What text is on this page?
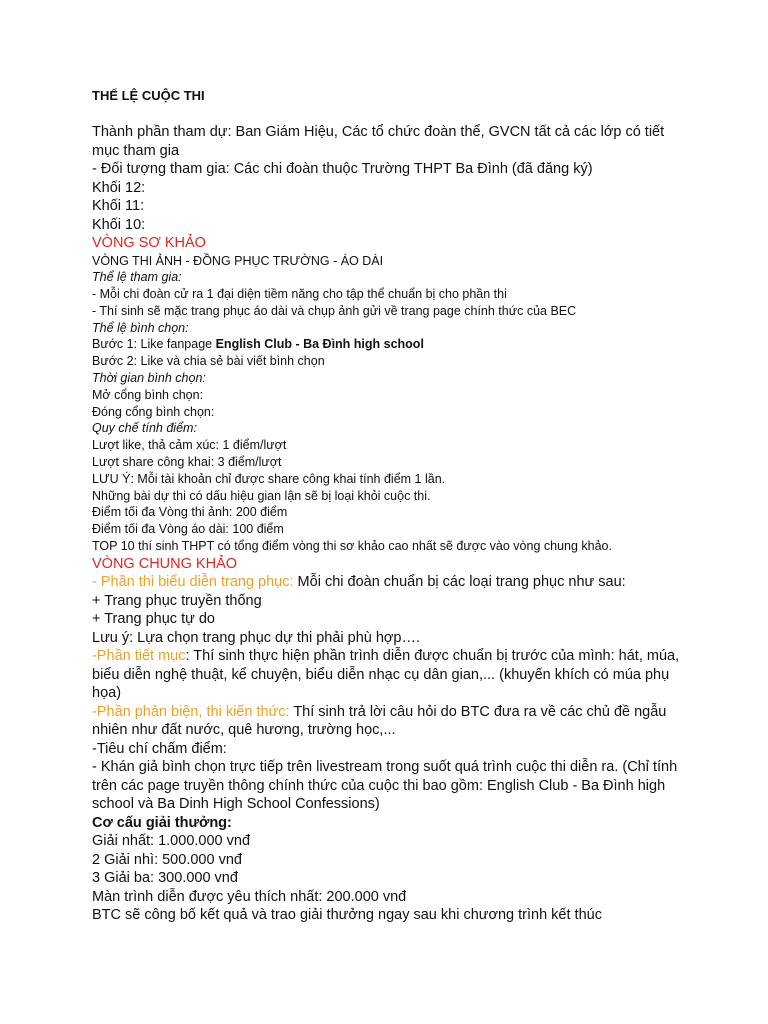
THỂ LỆ CUỘC THI
Thành phần tham dự: Ban Giám Hiệu, Các tổ chức đoàn thể, GVCN tất cả các lớp có tiết mục tham gia
- Đối tượng tham gia: Các chi đoàn thuộc Trường THPT Ba Đình (đã đăng ký)
Khối 12:
Khối 11:
Khối 10:
VÒNG SƠ KHẢO
VÒNG THI ẢNH - ĐỒNG PHỤC TRƯỜNG - ÁO DÀI
Thể lệ tham gia:
- Mỗi chi đoàn cử ra 1 đại diện tiềm năng cho tập thể chuẩn bị cho phần thi
- Thí sinh sẽ mặc trang phục áo dài và chụp ảnh gửi về trang page chính thức của BEC
Thể lệ bình chọn:
Bước 1: Like fanpage English Club - Ba Đình high school
Bước 2: Like và chia sẻ bài viết bình chọn
Thời gian bình chọn:
Mở cổng bình chọn:
Đóng cổng bình chọn:
Quy chế tính điểm:
Lượt like, thả cảm xúc: 1 điểm/lượt
Lượt share công khai: 3 điểm/lượt
LƯU Ý: Mỗi tài khoản chỉ được share công khai tính điểm 1 lần.
Những bài dự thi có dấu hiệu gian lận sẽ bị loại khỏi cuộc thi.
Điểm tối đa Vòng thi ảnh: 200 điểm
Điểm tối đa Vòng áo dài: 100 điểm
TOP 10 thí sinh THPT có tổng điểm vòng thi sơ khảo cao nhất sẽ được vào vòng chung khảo.
VÒNG CHUNG KHẢO
- Phần thi biểu diễn trang phục: Mỗi chi đoàn chuẩn bị các loại trang phục như sau:
+ Trang phục truyền thống
+ Trang phục tự do
Lưu ý: Lựa chọn trang phục dự thi phải phù hợp….
-Phần tiết mục: Thí sinh thực hiện phần trình diễn được chuẩn bị trước của mình: hát, múa, biểu diễn nghệ thuật, kể chuyện, biểu diễn nhạc cụ dân gian,... (khuyến khích có múa phụ họa)
-Phần phản biện, thi kiến thức: Thí sinh trả lời câu hỏi do BTC đưa ra về các chủ đề ngẫu nhiên như đất nước, quê hương, trường học,...
-Tiêu chí chấm điểm:
- Khán giả bình chọn trực tiếp trên livestream trong suốt quá trình cuộc thi diễn ra. (Chỉ tính trên các page truyền thông chính thức của cuộc thi bao gồm: English Club - Ba Đình high school và Ba Dinh High School Confessions)
Cơ cấu giải thưởng:
Giải nhất: 1.000.000 vnđ
2 Giải nhì: 500.000 vnđ
3 Giải ba: 300.000 vnđ
Màn trình diễn được yêu thích nhất: 200.000 vnđ
BTC sẽ công bố kết quả và trao giải thưởng ngay sau khi chương trình kết thúc
